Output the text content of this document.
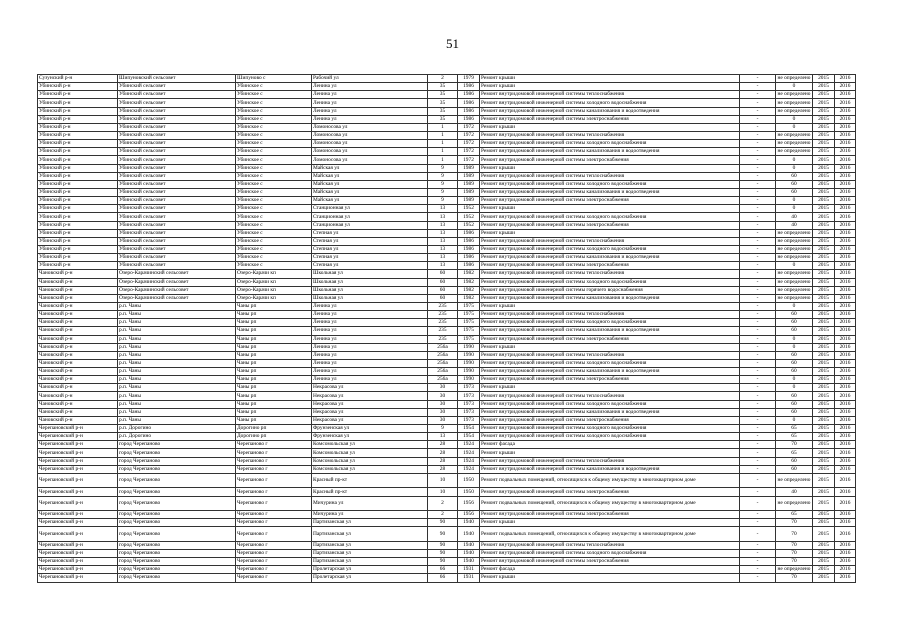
51
Сузунский р-н	Шипуновский сельсовет	Шипуново с	Рабочий ул	2	1979	Ремонт крыши	-	не определено	2015	2016
Убинский р-н	Убинский сельсовет	Убинское с	Ленина ул	35	1986	Ремонт крыши	-	0	2015	2016
Убинский р-н	Убинский сельсовет	Убинское с	Ленина ул	35	1986	Ремонт внутридомовой инженерной системы теплоснабжения	-	не определено	2015	2016
Убинский р-н	Убинский сельсовет	Убинское с	Ленина ул	35	1986	Ремонт внутридомовой инженерной системы холодного водоснабжения	-	не определено	2015	2016
Убинский р-н	Убинский сельсовет	Убинское с	Ленина ул	35	1986	Ремонт внутридомовой инженерной системы канализования и водоотведения	-	не определено	2015	2016
Убинский р-н	Убинский сельсовет	Убинское с	Ленина ул	35	1986	Ремонт внутридомовой инженерной системы электроснабжения	-	0	2015	2016
Убинский р-н	Убинский сельсовет	Убинское с	Ломоносова ул	1	1972	Ремонт крыши	-	0	2015	2016
Убинский р-н	Убинский сельсовет	Убинское с	Ломоносова ул	1	1972	Ремонт внутридомовой инженерной системы теплоснабжения	-	не определено	2015	2016
Убинский р-н	Убинский сельсовет	Убинское с	Ломоносова ул	1	1972	Ремонт внутридомовой инженерной системы холодного водоснабжения	-	не определено	2015	2016
Убинский р-н	Убинский сельсовет	Убинское с	Ломоносова ул	1	1972	Ремонт внутридомовой инженерной системы канализования и водоотведения	-	не определено	2015	2016
Убинский р-н	Убинский сельсовет	Убинское с	Ломоносова ул	1	1972	Ремонт внутридомовой инженерной системы электроснабжения	-	0	2015	2016
Убинский р-н	Убинский сельсовет	Убинское с	Майская ул	9	1989	Ремонт крыши	-	0	2015	2016
Убинский р-н	Убинский сельсовет	Убинское с	Майская ул	9	1989	Ремонт внутридомовой инженерной системы теплоснабжения	-	60	2015	2016
Убинский р-н	Убинский сельсовет	Убинское с	Майская ул	9	1989	Ремонт внутридомовой инженерной системы холодного водоснабжения	-	60	2015	2016
Убинский р-н	Убинский сельсовет	Убинское с	Майская ул	9	1989	Ремонт внутридомовой инженерной системы канализования и водоотведения	-	60	2015	2016
Убинский р-н	Убинский сельсовет	Убинское с	Майская ул	9	1989	Ремонт внутридомовой инженерной системы электроснабжения	-	0	2015	2016
Убинский р-н	Убинский сельсовет	Убинское с	Станционная ул	13	1952	Ремонт крыши	-	0	2015	2016
Убинский р-н	Убинский сельсовет	Убинское с	Станционная ул	13	1952	Ремонт внутридомовой инженерной системы холодного водоснабжения	-	40	2015	2016
Убинский р-н	Убинский сельсовет	Убинское с	Станционная ул	13	1952	Ремонт внутридомовой инженерной системы электроснабжения	-	40	2015	2016
Убинский р-н	Убинский сельсовет	Убинское с	Степная ул	13	1986	Ремонт крыши	-	не определено	2015	2016
Убинский р-н	Убинский сельсовет	Убинское с	Степная ул	13	1986	Ремонт внутридомовой инженерной системы теплоснабжения	-	не определено	2015	2016
Убинский р-н	Убинский сельсовет	Убинское с	Степная ул	13	1986	Ремонт внутридомовой инженерной системы холодного водоснабжения	-	не определено	2015	2016
Убинский р-н	Убинский сельсовет	Убинское с	Степная ул	13	1986	Ремонт внутридомовой инженерной системы канализования и водоотведения	-	не определено	2015	2016
Убинский р-н	Убинский сельсовет	Убинское с	Степная ул	13	1986	Ремонт внутридомовой инженерной системы электроснабжения	-	0	2015	2016
Чановский р-н	Озеро-Карачинский сельсовет	Озеро-Карачи кп	Школьная ул	60	1982	Ремонт внутридомовой инженерной системы теплоснабжения	-	не определено	2015	2016
Чановский р-н	Озеро-Карачинский сельсовет	Озеро-Карачи кп	Школьная ул	60	1982	Ремонт внутридомовой инженерной системы холодного водоснабжения	-	не определено	2015	2016
Чановский р-н	Озеро-Карачинский сельсовет	Озеро-Карачи кп	Школьная ул	60	1982	Ремонт внутридомовой инженерной системы горячего водоснабжения	-	не определено	2015	2016
Чановский р-н	Озеро-Карачинский сельсовет	Озеро-Карачи кп	Школьная ул	60	1982	Ремонт внутридомовой инженерной системы канализования и водоотведения	-	не определено	2015	2016
Чановский р-н	р.п. Чаны	Чаны рп	Ленина ул	235	1975	Ремонт крыши	-	0	2015	2016
Чановский р-н	р.п. Чаны	Чаны рп	Ленина ул	235	1975	Ремонт внутридомовой инженерной системы теплоснабжения	-	60	2015	2016
Чановский р-н	р.п. Чаны	Чаны рп	Ленина ул	235	1975	Ремонт внутридомовой инженерной системы холодного водоснабжения	-	60	2015	2016
Чановский р-н	р.п. Чаны	Чаны рп	Ленина ул	235	1975	Ремонт внутридомовой инженерной системы канализования и водоотведения	-	60	2015	2016
Чановский р-н	р.п. Чаны	Чаны рп	Ленина ул	235	1975	Ремонт внутридомовой инженерной системы электроснабжения	-	0	2015	2016
Чановский р-н	р.п. Чаны	Чаны рп	Ленина ул	256а	1990	Ремонт крыши	-	0	2015	2016
Чановский р-н	р.п. Чаны	Чаны рп	Ленина ул	256а	1990	Ремонт внутридомовой инженерной системы теплоснабжения	-	60	2015	2016
Чановский р-н	р.п. Чаны	Чаны рп	Ленина ул	256а	1990	Ремонт внутридомовой инженерной системы холодного водоснабжения	-	60	2015	2016
Чановский р-н	р.п. Чаны	Чаны рп	Ленина ул	256а	1990	Ремонт внутридомовой инженерной системы канализования и водоотведения	-	60	2015	2016
Чановский р-н	р.п. Чаны	Чаны рп	Ленина ул	256а	1990	Ремонт внутридомовой инженерной системы электроснабжения	-	0	2015	2016
Чановский р-н	р.п. Чаны	Чаны рп	Некрасова ул	30	1973	Ремонт крыши	-	0	2015	2016
Чановский р-н	р.п. Чаны	Чаны рп	Некрасова ул	30	1973	Ремонт внутридомовой инженерной системы теплоснабжения	-	60	2015	2016
Чановский р-н	р.п. Чаны	Чаны рп	Некрасова ул	30	1973	Ремонт внутридомовой инженерной системы холодного водоснабжения	-	60	2015	2016
Чановский р-н	р.п. Чаны	Чаны рп	Некрасова ул	30	1973	Ремонт внутридомовой инженерной системы канализования и водоотведения	-	60	2015	2016
Чановский р-н	р.п. Чаны	Чаны рп	Некрасова ул	30	1973	Ремонт внутридомовой инженерной системы электроснабжения	-	0	2015	2016
Черепановский р-н	р.п. Дорогино	Дорогино рп	Фрунзенская ул	9	1954	Ремонт внутридомовой инженерной системы холодного водоснабжения	-	65	2015	2016
Черепановский р-н	р.п. Дорогино	Дорогино рп	Фрунзенская ул	13	1954	Ремонт внутридомовой инженерной системы холодного водоснабжения	-	65	2015	2016
Черепановский р-н	город Черепаново	Черепаново г	Комсомольская ул	28	1924	Ремонт фасада	-	70	2015	2016
Черепановский р-н	город Черепаново	Черепаново г	Комсомольская ул	28	1924	Ремонт крыши	-	65	2015	2016
Черепановский р-н	город Черепаново	Черепаново г	Комсомольская ул	28	1924	Ремонт внутридомовой инженерной системы теплоснабжения	-	60	2015	2016
Черепановский р-н	город Черепаново	Черепаново г	Комсомольская ул	28	1924	Ремонт внутридомовой инженерной системы канализования и водоотведения	-	60	2015	2016
Черепановский р-н	город Черепаново	Черепаново г	Красный пр-кт	10	1950	Ремонт подвальных помещений, относящихся к общему имуществу в многоквартирном доме	-	не определено	2015	2016
Черепановский р-н	город Черепаново	Черепаново г	Красный пр-кт	10	1950	Ремонт внутридомовой инженерной системы электроснабжения	-	40	2015	2016
Черепановский р-н	город Черепаново	Черепаново г	Мичурина ул	2	1956	Ремонт подвальных помещений, относящихся к общему имуществу в многоквартирном доме	-	не определено	2015	2016
Черепановский р-н	город Черепаново	Черепаново г	Мичурина ул	2	1956	Ремонт внутридомовой инженерной системы электроснабжения	-	65	2015	2016
Черепановский р-н	город Черепаново	Черепаново г	Партизанская ул	90	1940	Ремонт крыши	-	70	2015	2016
Черепановский р-н	город Черепаново	Черепаново г	Партизанская ул	90	1940	Ремонт подвальных помещений, относящихся к общему имуществу в многоквартирном доме	-	70	2015	2016
Черепановский р-н	город Черепаново	Черепаново г	Партизанская ул	90	1940	Ремонт внутридомовой инженерной системы теплоснабжения	-	70	2015	2016
Черепановский р-н	город Черепаново	Черепаново г	Партизанская ул	90	1940	Ремонт внутридомовой инженерной системы холодного водоснабжения	-	70	2015	2016
Черепановский р-н	город Черепаново	Черепаново г	Партизанская ул	90	1940	Ремонт внутридомовой инженерной системы электроснабжения	-	70	2015	2016
Черепановский р-н	город Черепаново	Черепаново г	Пролетарская ул	66	1931	Ремонт фасада	-	не определено	2015	2016
Черепановский р-н	город Черепаново	Черепаново г	Пролетарская ул	66	1931	Ремонт крыши	-	70	2015	2016
